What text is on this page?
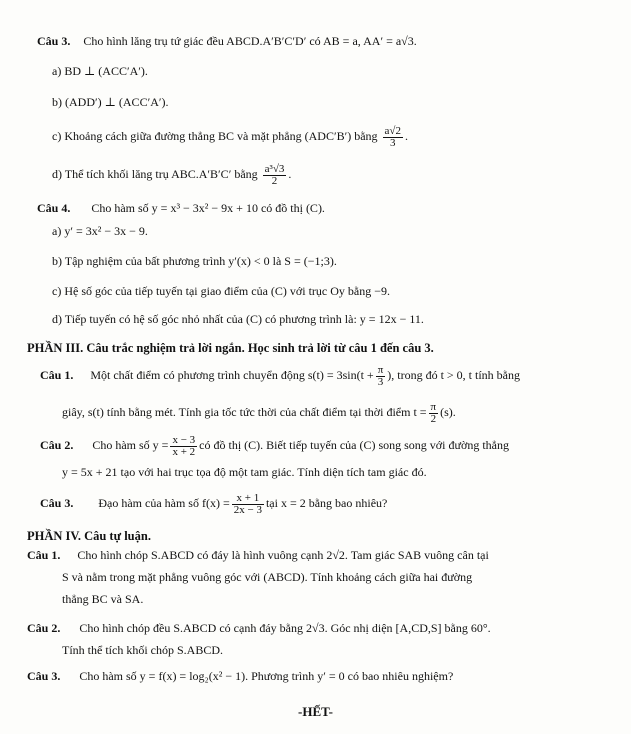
Câu 3. Cho hình lăng trụ tứ giác đều ABCD.A′B′C′D′ có AB = a, AA′ = a√3.
a) BD ⊥ (ACC′A′).
b) (ADD′) ⊥ (ACC′A′).
c) Khoảng cách giữa đường thẳng BC và mặt phẳng (ADC′B′) bằng $\frac{a√2}{3}$ .
d) Thể tích khối lăng trụ ABC.A′B′C′ bằng $\frac{\text{a³√3}}{2}$ .
Câu 4. Cho hàm số y = x³ − 3x² − 9x + 10 có đồ thị (C).
a) y′ = 3x² − 3x − 9.
b) Tập nghiệm của bất phương trình y′(x) < 0 là S = (−1;3).
c) Hệ số góc của tiếp tuyến tại giao điểm của (C) với trục Oy bằng −9.
d) Tiếp tuyến có hệ số góc nhỏ nhất của (C) có phương trình là: y = 12x − 11.
PHẦN III. Câu trắc nghiệm trả lời ngắn. Học sinh trả lời từ câu 1 đến câu 3.
Câu 1. Một chất điểm có phương trình chuyển động $s(t) = 3\sin(t + \frac{\pi}{3}$ ), trong đó t > 0, t tính bằng
giây, s(t) tính bằng mét. Tính gia tốc tức thời của chất điểm tại thời điểm $t = \frac{\pi}{2} (s)$.
Câu 2. Cho hàm số $y = \frac{x - 3}{x + 2}$ có đồ thị (C). Biết tiếp tuyến của (C) song song với đường thẳng
y = 5x + 21 tạo với hai trục tọa độ một tam giác. Tính diện tích tam giác đó.
Câu 3. Đạo hàm của hàm số $f(x) = \frac{x + 1}{2x - 3}$ tại x = 2 bằng bao nhiêu?
PHẦN IV. Câu tự luận.
Câu 1. Cho hình chóp S.ABCD có đáy là hình vuông cạnh 2√2. Tam giác SAB vuông cân tại
S và nằm trong mặt phẳng vuông góc với (ABCD). Tính khoảng cách giữa hai đường
thẳng BC và SA.
Câu 2. Cho hình chóp đều S.ABCD có cạnh đáy bằng 2√3. Góc nhị diện [A,CD,S] bằng 60°.
Tính thể tích khối chóp S.ABCD.
Câu 3. Cho hàm số y = f(x) = log₂(x² − 1). Phương trình y′ = 0 có bao nhiêu nghiệm?
-HẾT-
